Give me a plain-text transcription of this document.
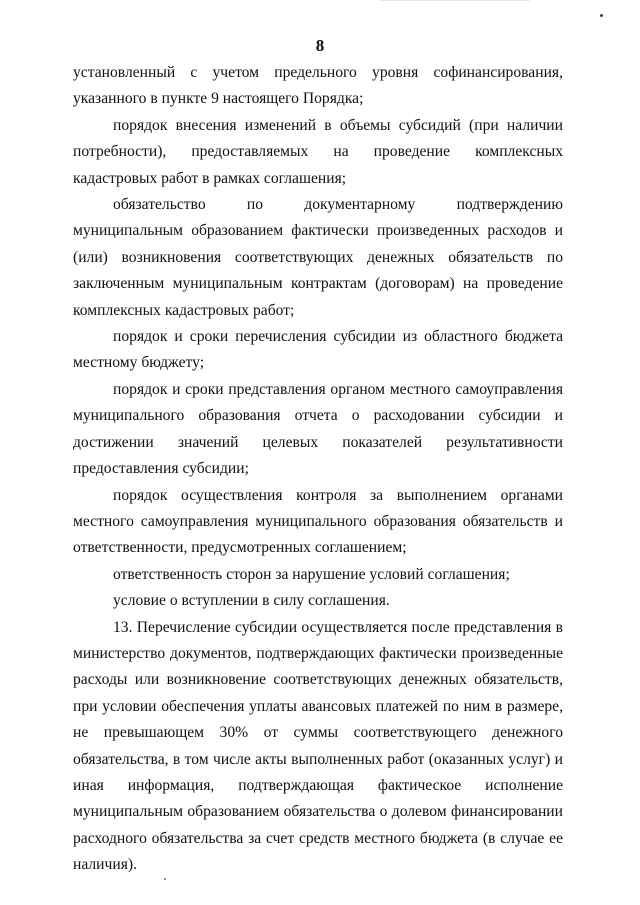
8

установленный с учетом предельного уровня софинансирования, указанного в пункте 9 настоящего Порядка;

порядок внесения изменений в объемы субсидий (при наличии потребности), предоставляемых на проведение комплексных кадастровых работ в рамках соглашения;

обязательство по документарному подтверждению муниципальным образованием фактически произведенных расходов и (или) возникновения соответствующих денежных обязательств по заключенным муниципальным контрактам (договорам) на проведение комплексных кадастровых работ;

порядок и сроки перечисления субсидии из областного бюджета местному бюджету;

порядок и сроки представления органом местного самоуправления муниципального образования отчета о расходовании субсидии и достижении значений целевых показателей результативности предоставления субсидии;

порядок осуществления контроля за выполнением органами местного самоуправления муниципального образования обязательств и ответственности, предусмотренных соглашением;

ответственность сторон за нарушение условий соглашения;

условие о вступлении в силу соглашения.

13. Перечисление субсидии осуществляется после представления в министерство документов, подтверждающих фактически произведенные расходы или возникновение соответствующих денежных обязательств, при условии обеспечения уплаты авансовых платежей по ним в размере, не превышающем 30% от суммы соответствующего денежного обязательства, в том числе акты выполненных работ (оказанных услуг) и иная информация, подтверждающая фактическое исполнение муниципальным образованием обязательства о долевом финансировании расходного обязательства за счет средств местного бюджета (в случае ее наличия).
